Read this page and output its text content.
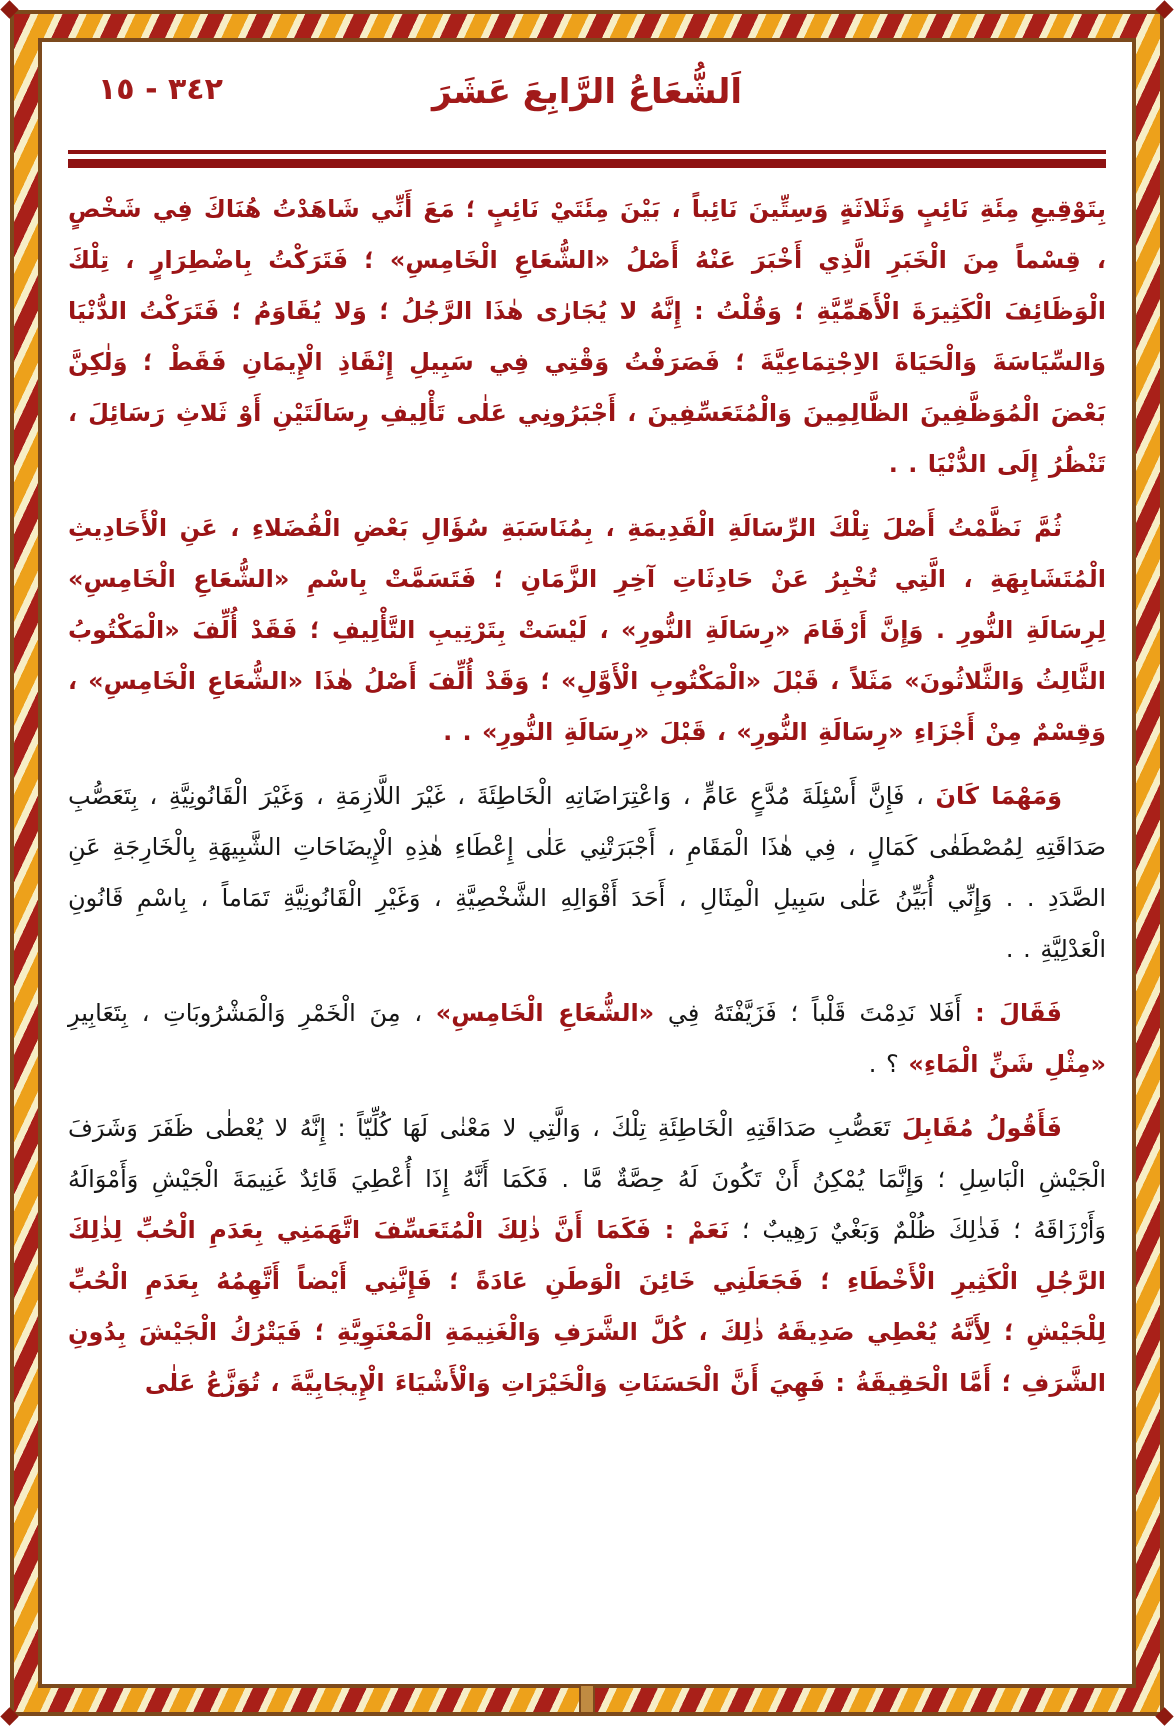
٣٤٢ - ١٥	اَلشُّعَاعُ الرَّابِعَ عَشَرَ

بِتَوْقِيعِ مِئَةِ نَائِبٍ وَثَلاثَةٍ وَسِتِّينَ نَائِباً ، بَيْنَ مِئَتَيْ نَائِبٍ ؛ مَعَ أَنِّي شَاهَدْتُ هُنَاكَ فِي شَخْصٍ ، قِسْماً مِنَ الْخَبَرِ الَّذِي أَخْبَرَ عَنْهُ أَصْلُ «الشُّعَاعِ الْخَامِسِ» ؛ فَتَرَكْتُ بِاضْطِرَارٍ ، تِلْكَ الْوَظَائِفَ الْكَثِيرَةَ الْأَهَمِّيَّةِ ؛ وَقُلْتُ : إِنَّهُ لا يُجَارٰى هٰذَا الرَّجُلُ ؛ وَلا يُقَاوَمُ ؛ فَتَرَكْتُ الدُّنْيَا وَالسِّيَاسَةَ وَالْحَيَاةَ الاِجْتِمَاعِيَّةَ ؛ فَصَرَفْتُ وَقْتِي فِي سَبِيلِ إِنْقَاذِ الْإِيمَانِ فَقَطْ ؛ وَلٰكِنَّ بَعْضَ الْمُوَظَّفِينَ الظَّالِمِينَ وَالْمُتَعَسِّفِينَ ، أَجْبَرُونِي عَلٰى تَأْلِيفِ رِسَالَتَيْنِ أَوْ ثَلاثِ رَسَائِلَ ، تَنْظُرُ إِلَى الدُّنْيَا . .

ثُمَّ نَظَّمْتُ أَصْلَ تِلْكَ الرِّسَالَةِ الْقَدِيمَةِ ، بِمُنَاسَبَةِ سُؤَالِ بَعْضِ الْفُضَلاءِ ، عَنِ الْأَحَادِيثِ الْمُتَشَابِهَةِ ، الَّتِي تُخْبِرُ عَنْ حَادِثَاتِ آخِرِ الزَّمَانِ ؛ فَتَسَمَّتْ بِاسْمِ «الشُّعَاعِ الْخَامِسِ» لِرِسَالَةِ النُّورِ . وَإِنَّ أَرْقَامَ «رِسَالَةِ النُّورِ» ، لَيْسَتْ بِتَرْتِيبِ التَّأْلِيفِ ؛ فَقَدْ أُلِّفَ «الْمَكْتُوبُ الثَّالِثُ وَالثَّلاثُونَ» مَثَلاً ، قَبْلَ «الْمَكْتُوبِ الْأَوَّلِ» ؛ وَقَدْ أُلِّفَ أَصْلُ هٰذَا «الشُّعَاعِ الْخَامِسِ» ، وَقِسْمٌ مِنْ أَجْزَاءِ «رِسَالَةِ النُّورِ» ، قَبْلَ «رِسَالَةِ النُّورِ» . .

وَمَهْمَا كَانَ ، فَإِنَّ أَسْئِلَةَ مُدَّعٍ عَامٍّ ، وَاعْتِرَاضَاتِهِ الْخَاطِئَةَ ، غَيْرَ اللَّازِمَةِ ، وَغَيْرَ الْقَانُونِيَّةِ ، بِتَعَصُّبِ صَدَاقَتِهِ لِمُصْطَفٰى كَمَالٍ ، فِي هٰذَا الْمَقَامِ ، أَجْبَرَتْنِي عَلٰى إِعْطَاءِ هٰذِهِ الْإِيضَاحَاتِ الشَّبِيهَةِ بِالْخَارِجَةِ عَنِ الصَّدَدِ . . وَإِنِّي أُبَيِّنُ عَلٰى سَبِيلِ الْمِثَالِ ، أَحَدَ أَقْوَالِهِ الشَّخْصِيَّةِ ، وَغَيْرِ الْقَانُونِيَّةِ تَمَاماً ، بِاسْمِ قَانُونِ الْعَدْلِيَّةِ . .

فَقَالَ : أَفَلا نَدِمْتَ قَلْباً ؛ فَزَيَّفْتَهُ فِي «الشُّعَاعِ الْخَامِسِ» ، مِنَ الْخَمْرِ وَالْمَشْرُوبَاتِ ، بِتَعَابِيرِ «مِثْلِ شَنِّ الْمَاءِ» ؟ .

فَأَقُولُ مُقَابِلَ تَعَصُّبِ صَدَاقَتِهِ الْخَاطِئَةِ تِلْكَ ، وَالَّتِي لا مَعْنٰى لَهَا كُلِّيّاً : إِنَّهُ لا يُعْطٰى ظَفَرَ وَشَرَفَ الْجَيْشِ الْبَاسِلِ ؛ وَإِنَّمَا يُمْكِنُ أَنْ تَكُونَ لَهُ حِصَّةٌ مَّا . فَكَمَا أَنَّهُ إِذَا أُعْطِيَ قَائِدٌ غَنِيمَةَ الْجَيْشِ وَأَمْوَالَهُ وَأَرْزَاقَهُ ؛ فَذٰلِكَ ظُلْمٌ وَبَغْيٌ رَهِيبٌ ؛ نَعَمْ : فَكَمَا أَنَّ ذٰلِكَ الْمُتَعَسِّفَ اتَّهَمَنِي بِعَدَمِ الْحُبِّ لِذٰلِكَ الرَّجُلِ الْكَثِيرِ الْأَخْطَاءِ ؛ فَجَعَلَنِي خَائِنَ الْوَطَنِ عَادَةً ؛ فَإِنَّنِي أَيْضاً أَتَّهِمُهُ بِعَدَمِ الْحُبِّ لِلْجَيْشِ ؛ لِأَنَّهُ يُعْطِي صَدِيقَهُ ذٰلِكَ ، كُلَّ الشَّرَفِ وَالْغَنِيمَةِ الْمَعْنَوِيَّةِ ؛ فَيَتْرُكُ الْجَيْشَ بِدُونِ الشَّرَفِ ؛ أَمَّا الْحَقِيقَةُ : فَهِيَ أَنَّ الْحَسَنَاتِ وَالْخَيْرَاتِ وَالْأَشْيَاءَ الْإِيجَابِيَّةَ ، تُوَزَّعُ عَلٰى
